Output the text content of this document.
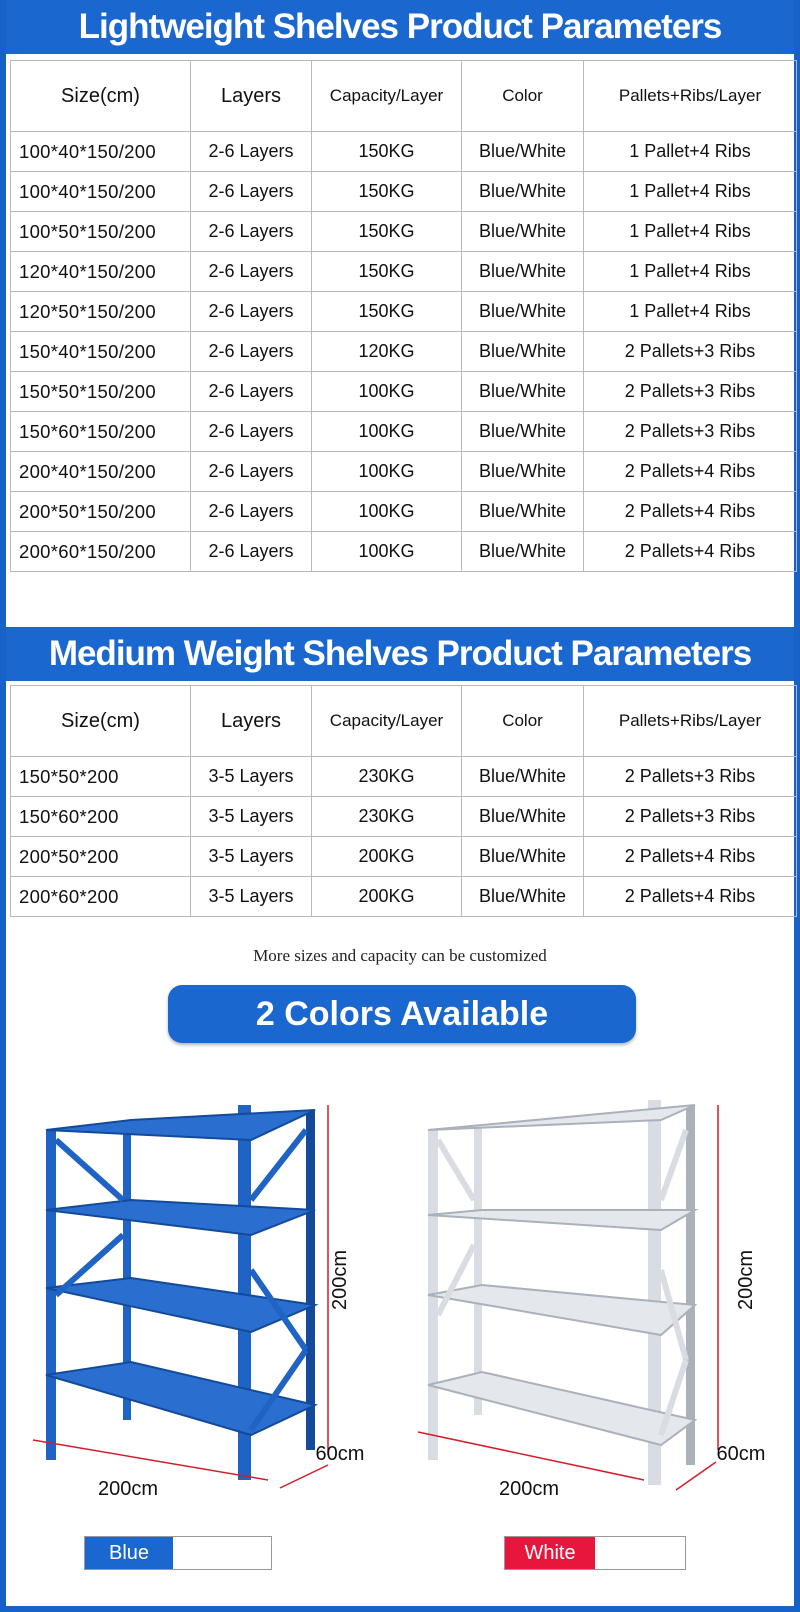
Lightweight Shelves Product Parameters
Size(cm)	Layers	Capacity/Layer	Color	Pallets+Ribs/Layer
100*40*150/200	2-6 Layers	150KG	Blue/White	1 Pallet+4 Ribs
100*40*150/200	2-6 Layers	150KG	Blue/White	1 Pallet+4 Ribs
100*50*150/200	2-6 Layers	150KG	Blue/White	1 Pallet+4 Ribs
120*40*150/200	2-6 Layers	150KG	Blue/White	1 Pallet+4 Ribs
120*50*150/200	2-6 Layers	150KG	Blue/White	1 Pallet+4 Ribs
150*40*150/200	2-6 Layers	120KG	Blue/White	2 Pallets+3 Ribs
150*50*150/200	2-6 Layers	100KG	Blue/White	2 Pallets+3 Ribs
150*60*150/200	2-6 Layers	100KG	Blue/White	2 Pallets+3 Ribs
200*40*150/200	2-6 Layers	100KG	Blue/White	2 Pallets+4 Ribs
200*50*150/200	2-6 Layers	100KG	Blue/White	2 Pallets+4 Ribs
200*60*150/200	2-6 Layers	100KG	Blue/White	2 Pallets+4 Ribs
Medium Weight Shelves Product Parameters
Size(cm)	Layers	Capacity/Layer	Color	Pallets+Ribs/Layer
150*50*200	3-5 Layers	230KG	Blue/White	2 Pallets+3 Ribs
150*60*200	3-5 Layers	230KG	Blue/White	2 Pallets+3 Ribs
200*50*200	3-5 Layers	200KG	Blue/White	2 Pallets+4 Ribs
200*60*200	3-5 Layers	200KG	Blue/White	2 Pallets+4 Ribs
More sizes and capacity can be customized
2 Colors Available
200cm
200cm
60cm
200cm
200cm
60cm
Blue	White
